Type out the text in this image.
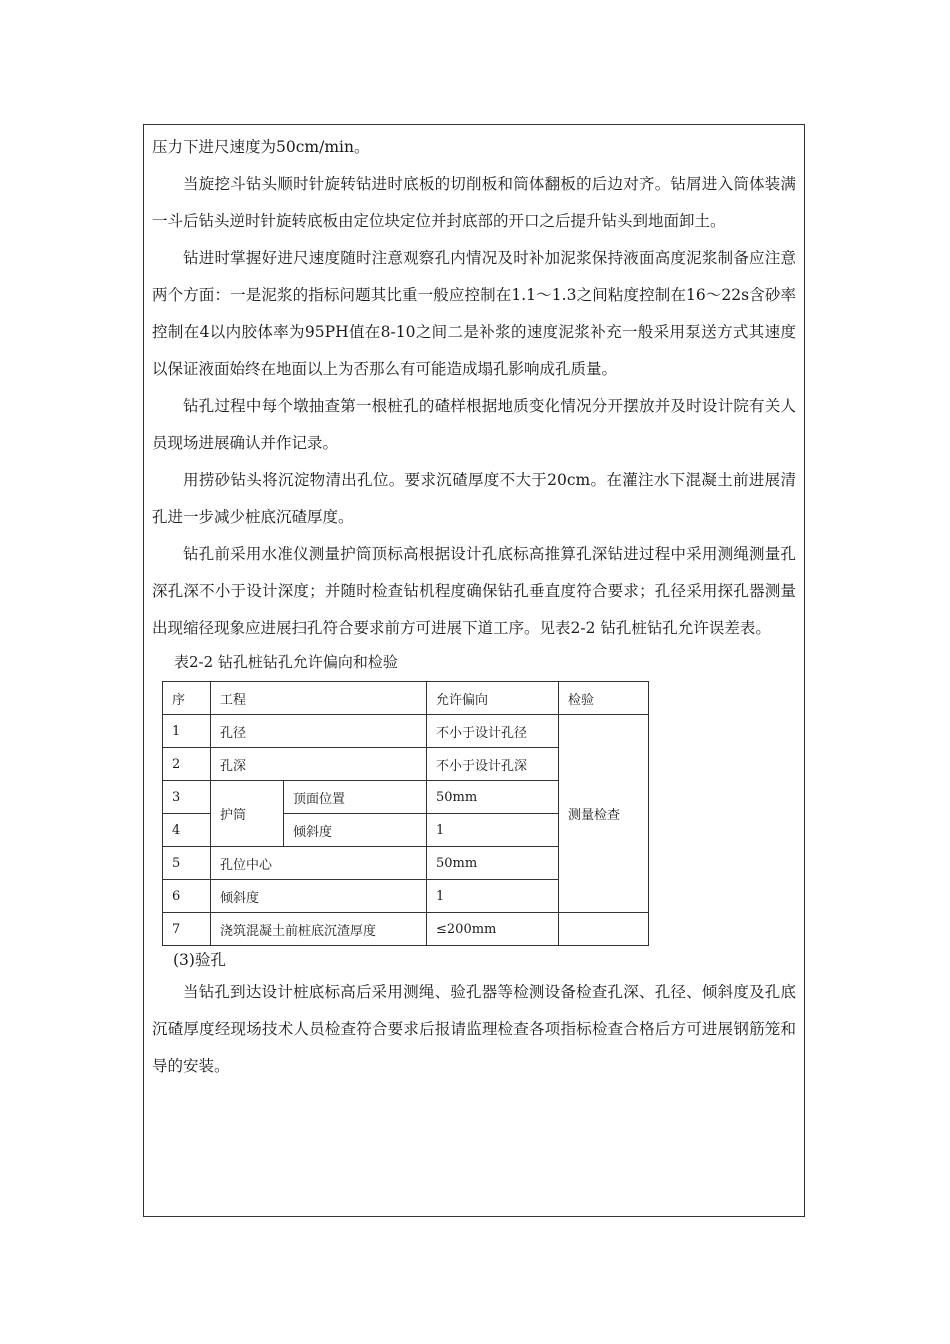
压力下进尺速度为50cm/min。

当旋挖斗钻头顺时针旋转钻进时底板的切削板和筒体翻板的后边对齐。钻屑进入筒体装满一斗后钻头逆时针旋转底板由定位块定位并封底部的开口之后提升钻头到地面卸土。

钻进时掌握好进尺速度随时注意观察孔内情况及时补加泥浆保持液面高度泥浆制备应注意两个方面：一是泥浆的指标问题其比重一般应控制在1.1～1.3之间粘度控制在16～22s含砂率控制在4以内胶体率为95PH值在8-10之间二是补浆的速度泥浆补充一般采用泵送方式其速度以保证液面始终在地面以上为否那么有可能造成塌孔影响成孔质量。

钻孔过程中每个墩抽查第一根桩孔的碴样根据地质变化情况分开摆放并及时设计院有关人员现场进展确认并作记录。

用捞砂钻头将沉淀物清出孔位。要求沉碴厚度不大于20cm。在灌注水下混凝土前进展清孔进一步减少桩底沉碴厚度。

钻孔前采用水准仪测量护筒顶标高根据设计孔底标高推算孔深钻进过程中采用测绳测量孔深孔深不小于设计深度；并随时检查钻机程度确保钻孔垂直度符合要求；孔径采用探孔器测量出现缩径现象应进展扫孔符合要求前方可进展下道工序。见表2-2 钻孔桩钻孔允许误差表。

表2-2 钻孔桩钻孔允许偏向和检验

序	工程		允许偏向	检验
1	孔径		不小于设计孔径	测量检查
2	孔深		不小于设计孔深	
3	护筒	顶面位置	50mm	
4		倾斜度	1	
5	孔位中心		50mm	
6	倾斜度		1	
7	浇筑混凝土前桩底沉渣厚度		≤200mm	

(3)验孔

当钻孔到达设计桩底标高后采用测绳、验孔器等检测设备检查孔深、孔径、倾斜度及孔底沉碴厚度经现场技术人员检查符合要求后报请监理检查各项指标检查合格后方可进展钢筋笼和导的安装。
